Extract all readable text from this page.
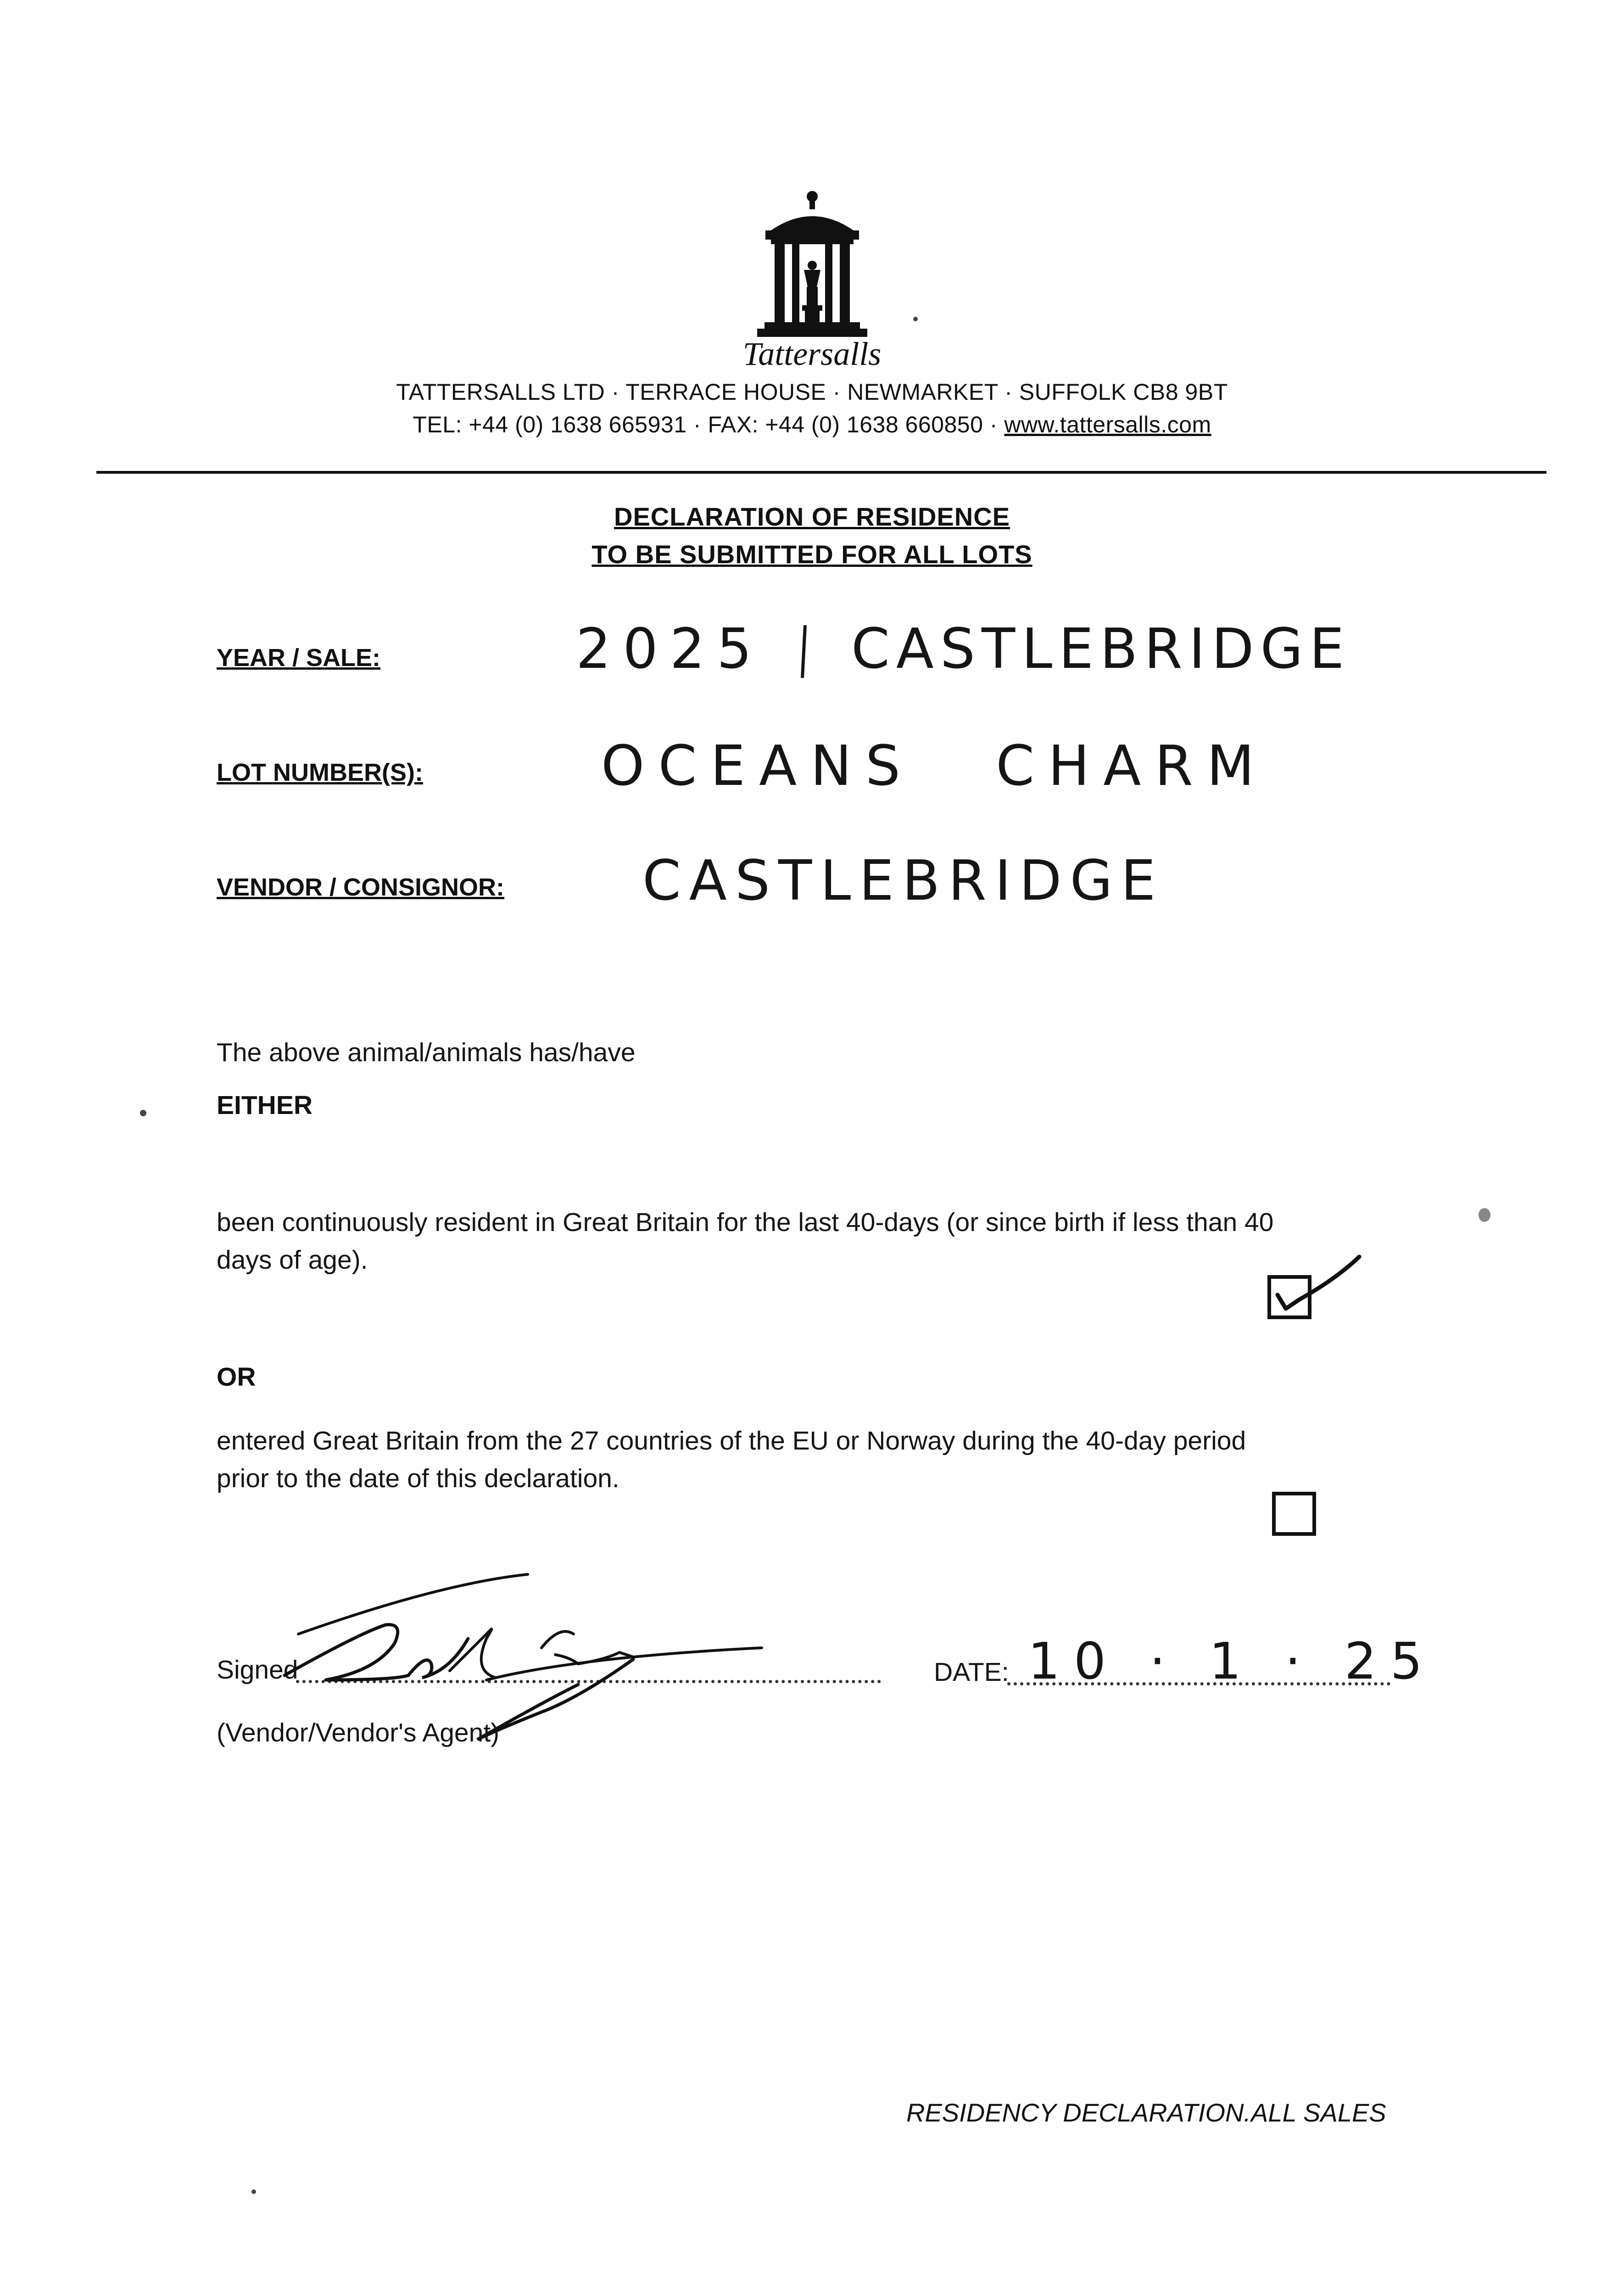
Tattersalls
TATTERSALLS LTD · TERRACE HOUSE · NEWMARKET · SUFFOLK CB8 9BT
TEL: +44 (0) 1638 665931 · FAX: +44 (0) 1638 660850 · www.tattersalls.com
DECLARATION OF RESIDENCE
TO BE SUBMITTED FOR ALL LOTS
YEAR / SALE:	2025 CASTLEBRIDGE
LOT NUMBER(S):	OCEANS CHARM
VENDOR / CONSIGNOR:	CASTLEBRIDGE
The above animal/animals has/have
EITHER
been continuously resident in Great Britain for the last 40-days (or since birth if less than 40
days of age).
OR
entered Great Britain from the 27 countries of the EU or Norway during the 40-day period
prior to the date of this declaration.
Signed
(Vendor/Vendor's Agent)
DATE: 10 · 1 · 25
RESIDENCY DECLARATION.ALL SALES
